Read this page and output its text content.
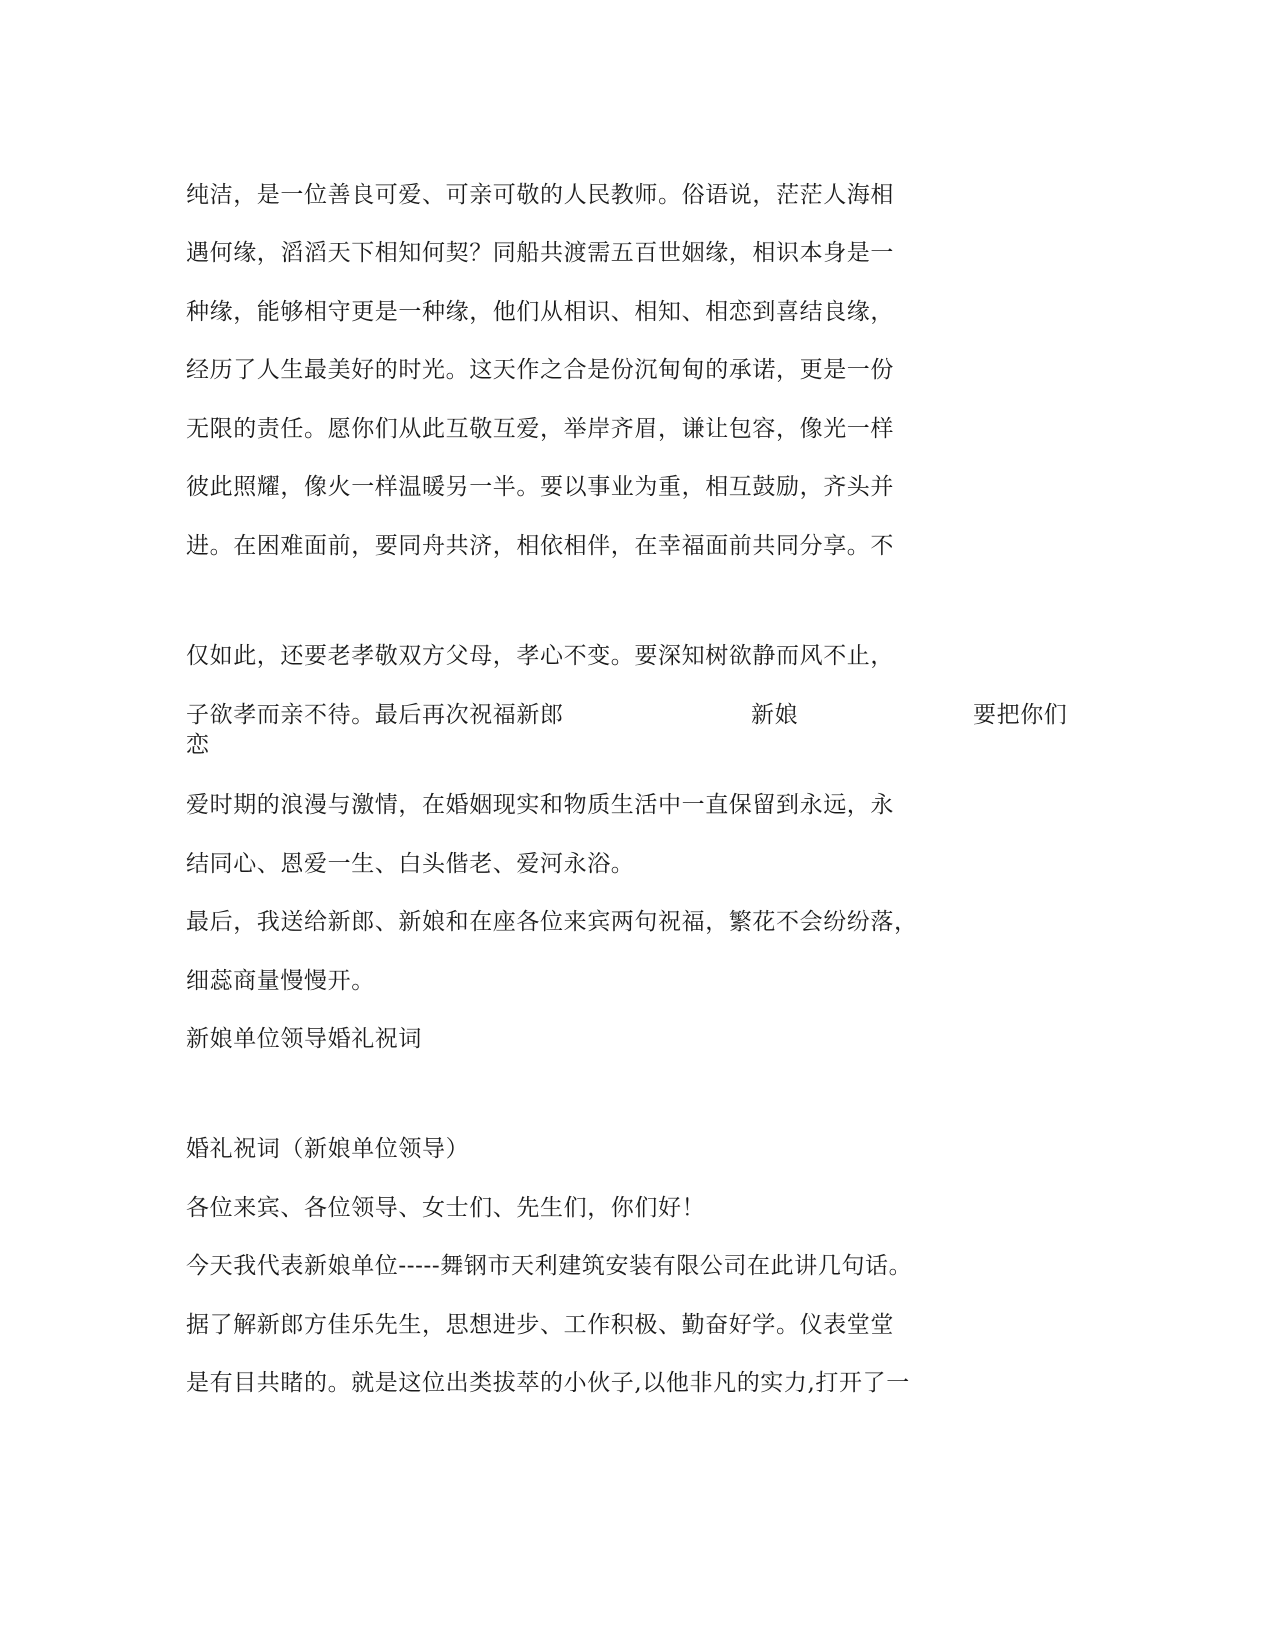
纯洁，是一位善良可爱、可亲可敬的人民教师。俗语说，茫茫人海相
遇何缘，滔滔天下相知何契？同船共渡需五百世姻缘，相识本身是一
种缘，能够相守更是一种缘，他们从相识、相知、相恋到喜结良缘，
经历了人生最美好的时光。这天作之合是份沉甸甸的承诺，更是一份
无限的责任。愿你们从此互敬互爱，举岸齐眉，谦让包容，像光一样
彼此照耀，像火一样温暖另一半。要以事业为重，相互鼓励，齐头并
进。在困难面前，要同舟共济，相依相伴，在幸福面前共同分享。不
仅如此，还要老孝敬双方父母，孝心不变。要深知树欲静而风不止，
子欲孝而亲不待。最后再次祝福新郎	新娘	要把你们
恋
爱时期的浪漫与激情，在婚姻现实和物质生活中一直保留到永远，永
结同心、恩爱一生、白头偕老、爱河永浴。
最后，我送给新郎、新娘和在座各位来宾两句祝福，繁花不会纷纷落，
细蕊商量慢慢开。
新娘单位领导婚礼祝词
婚礼祝词（新娘单位领导）
各位来宾、各位领导、女士们、先生们，你们好！
今天我代表新娘单位-----舞钢市天利建筑安装有限公司在此讲几句话。
据了解新郎方佳乐先生，思想进步、工作积极、勤奋好学。仪表堂堂
是有目共睹的。就是这位出类拔萃的小伙子,以他非凡的实力,打开了一
